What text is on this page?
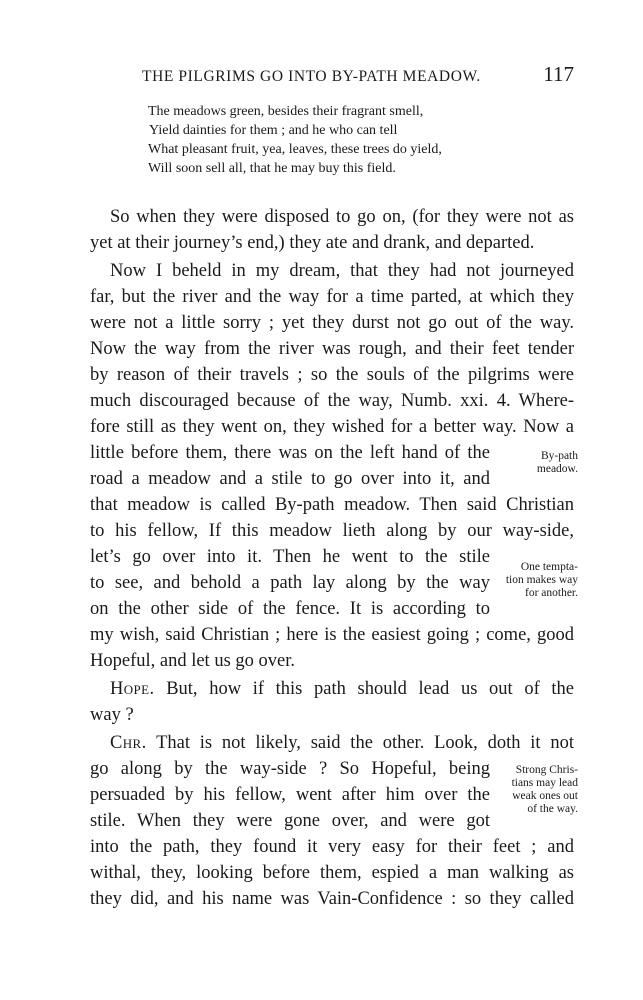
THE PILGRIMS GO INTO BY-PATH MEADOW.	117
The meadows green, besides their fragrant smell,
Yield dainties for them ; and he who can tell
What pleasant fruit, yea, leaves, these trees do yield,
Will soon sell all, that he may buy this field.
So when they were disposed to go on, (for they were not as
yet at their journey’s end,) they ate and drank, and departed.
Now I beheld in my dream, that they had not journeyed
far, but the river and the way for a time parted, at which they
were not a little sorry ; yet they durst not go out of the way.
Now the way from the river was rough, and their feet tender
by reason of their travels ; so the souls of the pilgrims were
much discouraged because of the way, Numb. xxi. 4. Where-
fore still as they went on, they wished for a better way. Now a
little before them, there was on the left hand of the
road a meadow and a stile to go over into it, and
that meadow is called By-path meadow. Then said Christian
to his fellow, If this meadow lieth along by our way-side,
let’s go over into it. Then he went to the stile
to see, and behold a path lay along by the way
on the other side of the fence. It is according to
my wish, said Christian ; here is the easiest going ; come, good
Hopeful, and let us go over.
Hope. But, how if this path should lead us out of the
way ?
Chr. That is not likely, said the other. Look, doth it not
go along by the way-side ? So Hopeful, being
persuaded by his fellow, went after him over the
stile. When they were gone over, and were got
into the path, they found it very easy for their feet ; and
withal, they, looking before them, espied a man walking as
they did, and his name was Vain-Confidence : so they called
By-path
meadow.
One tempta-
tion makes way
for another.
Strong Chris-
tians may lead
weak ones out
of the way.
